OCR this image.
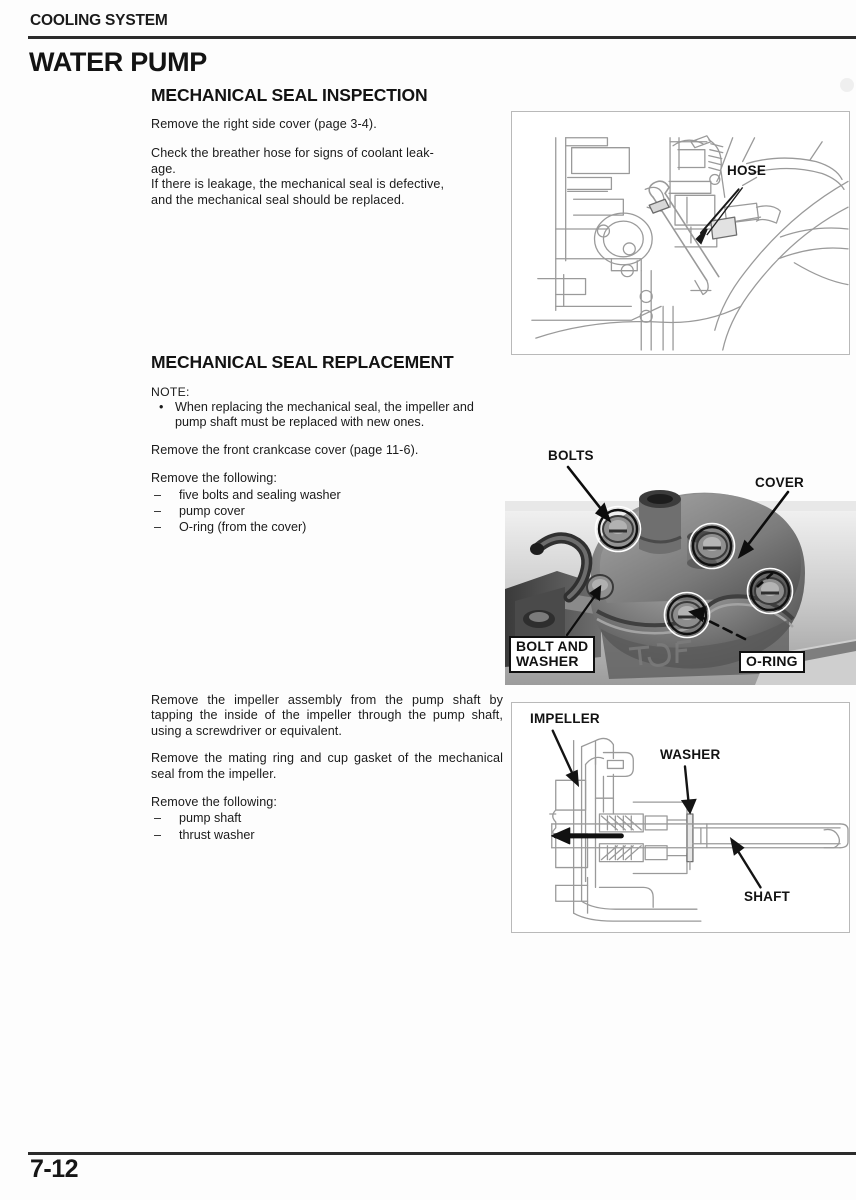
COOLING SYSTEM
WATER PUMP
MECHANICAL SEAL INSPECTION
Remove the right side cover (page 3-4).
Check the breather hose for signs of coolant leak-
age.
If there is leakage, the mechanical seal is defective,
and the mechanical seal should be replaced.
MECHANICAL SEAL REPLACEMENT
NOTE:
• When replacing the mechanical seal, the impeller and pump shaft must be replaced with new ones.
Remove the front crankcase cover (page 11-6).
Remove the following:
– five bolts and sealing washer
– pump cover
– O-ring (from the cover)
Remove the impeller assembly from the pump shaft by tapping the inside of the impeller through the pump shaft, using a screwdriver or equivalent.
Remove the mating ring and cup gasket of the mechanical seal from the impeller.
Remove the following:
– pump shaft
– thrust washer
HOSE
BOLTS
COVER
BOLT AND
WASHER	O-RING
IMPELLER
WASHER
SHAFT
7-12
